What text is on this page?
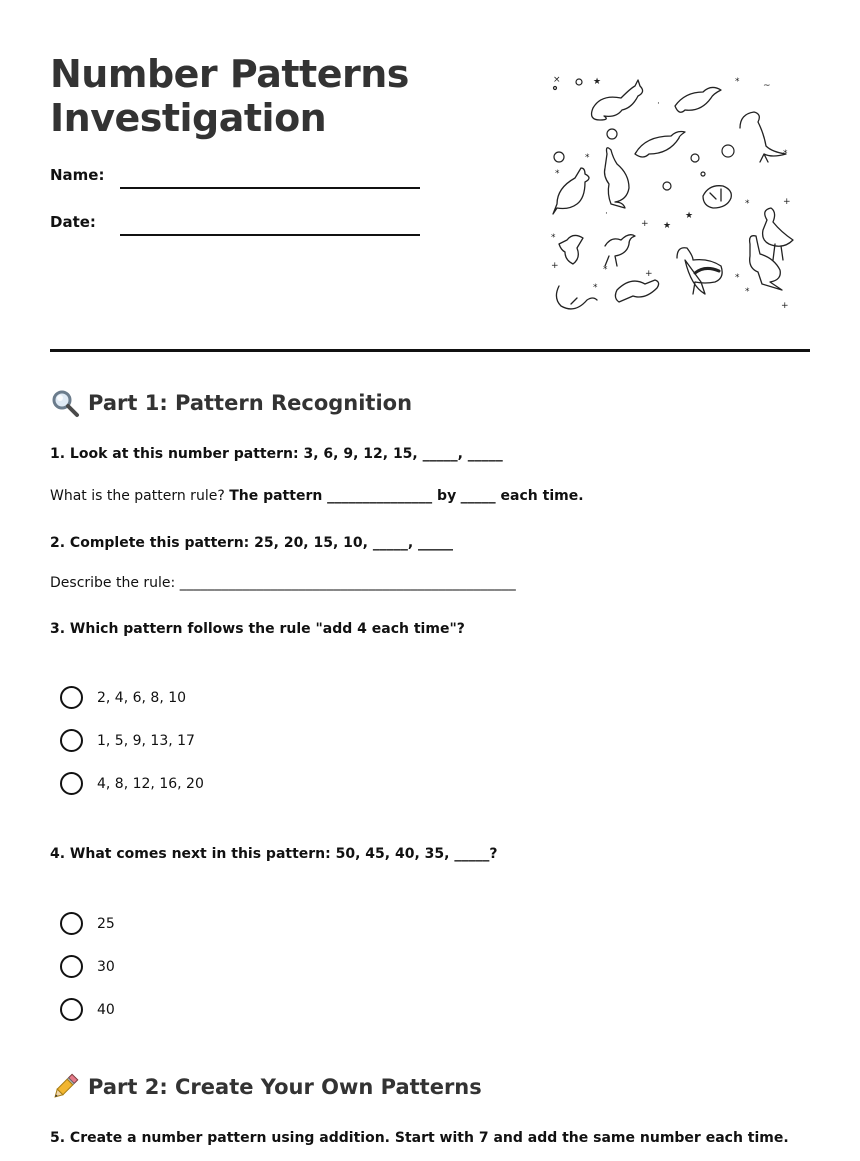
Number Patterns Investigation
Name:
Date:
×	★
·
*	~
*
*
*
+
*
★
★
+
·
*	+
*
+
*
*
*
+
Part 1: Pattern Recognition
1. Look at this number pattern: 3, 6, 9, 12, 15, _____, _____
What is the pattern rule? The pattern _______________ by _____ each time.
2. Complete this pattern: 25, 20, 15, 10, _____, _____
Describe the rule: ________________________________________________
3. Which pattern follows the rule "add 4 each time"?
2, 4, 6, 8, 10
1, 5, 9, 13, 17
4, 8, 12, 16, 20
4. What comes next in this pattern: 50, 45, 40, 35, _____?
25
30
40
Part 2: Create Your Own Patterns
5. Create a number pattern using addition. Start with 7 and add the same number each time.
